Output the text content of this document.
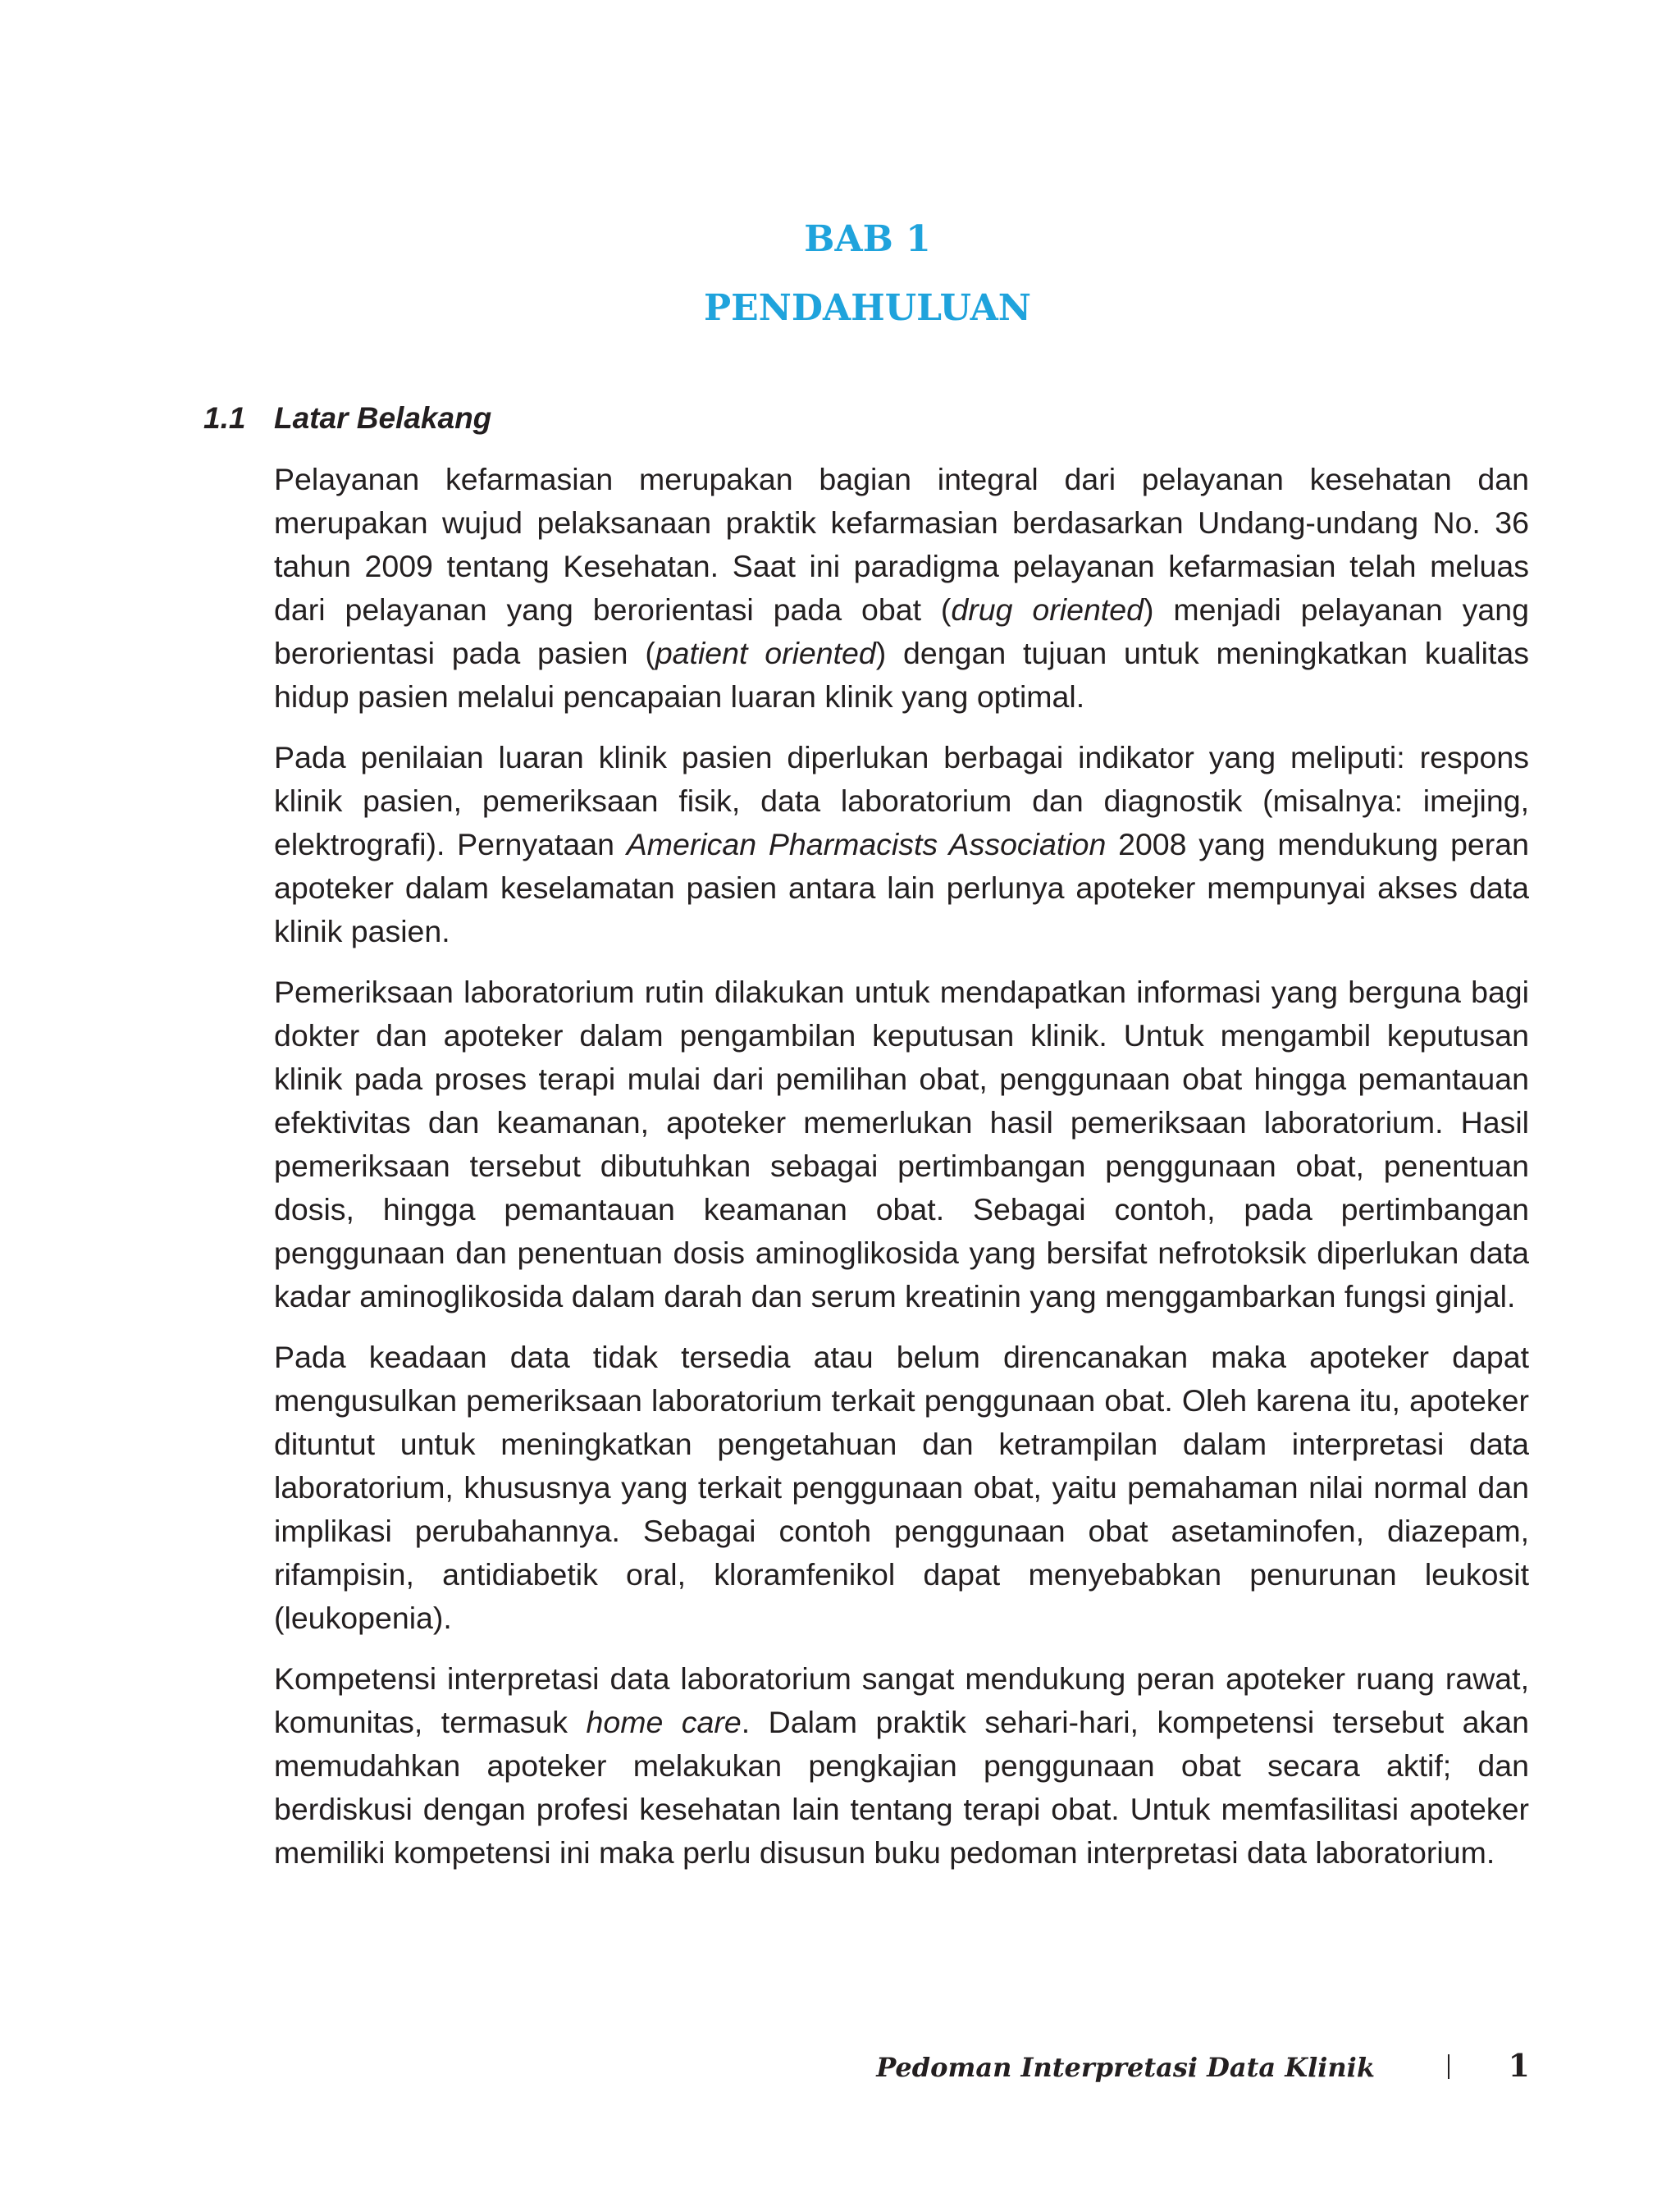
BAB 1
PENDAHULUAN
1.1 Latar Belakang

Pelayanan kefarmasian merupakan bagian integral dari pelayanan kesehatan dan merupakan wujud pelaksanaan praktik kefarmasian berdasarkan Undang-undang No. 36 tahun 2009 tentang Kesehatan. Saat ini paradigma pelayanan kefarmasian telah meluas dari pelayanan yang berorientasi pada obat (drug oriented) menjadi pelayanan yang berorientasi pada pasien (patient oriented) dengan tujuan untuk meningkatkan kualitas hidup pasien melalui pencapaian luaran klinik yang optimal.

Pada penilaian luaran klinik pasien diperlukan berbagai indikator yang meliputi: respons klinik pasien, pemeriksaan fisik, data laboratorium dan diagnostik (misalnya: imejing, elektrografi). Pernyataan American Pharmacists Association 2008 yang mendukung peran apoteker dalam keselamatan pasien antara lain perlunya apoteker mempunyai akses data klinik pasien.

Pemeriksaan laboratorium rutin dilakukan untuk mendapatkan informasi yang berguna bagi dokter dan apoteker dalam pengambilan keputusan klinik. Untuk mengambil keputusan klinik pada proses terapi mulai dari pemilihan obat, penggunaan obat hingga pemantauan efektivitas dan keamanan, apoteker memerlukan hasil pemeriksaan laboratorium. Hasil pemeriksaan tersebut dibutuhkan sebagai pertimbangan penggunaan obat, penentuan dosis, hingga pemantauan keamanan obat. Sebagai contoh, pada pertimbangan penggunaan dan penentuan dosis aminoglikosida yang bersifat nefrotoksik diperlukan data kadar aminoglikosida dalam darah dan serum kreatinin yang menggambarkan fungsi ginjal.

Pada keadaan data tidak tersedia atau belum direncanakan maka apoteker dapat mengusulkan pemeriksaan laboratorium terkait penggunaan obat. Oleh karena itu, apoteker dituntut untuk meningkatkan pengetahuan dan ketrampilan dalam interpretasi data laboratorium, khususnya yang terkait penggunaan obat, yaitu pemahaman nilai normal dan implikasi perubahannya. Sebagai contoh penggunaan obat asetaminofen, diazepam, rifampisin, antidiabetik oral, kloramfenikol dapat menyebabkan penurunan leukosit (leukopenia).

Kompetensi interpretasi data laboratorium sangat mendukung peran apoteker ruang rawat, komunitas, termasuk home care. Dalam praktik sehari-hari, kompetensi tersebut akan memudahkan apoteker melakukan pengkajian penggunaan obat secara aktif; dan berdiskusi dengan profesi kesehatan lain tentang terapi obat. Untuk memfasilitasi apoteker memiliki kompetensi ini maka perlu disusun buku pedoman interpretasi data laboratorium.

Pedoman Interpretasi Data Klinik	1
